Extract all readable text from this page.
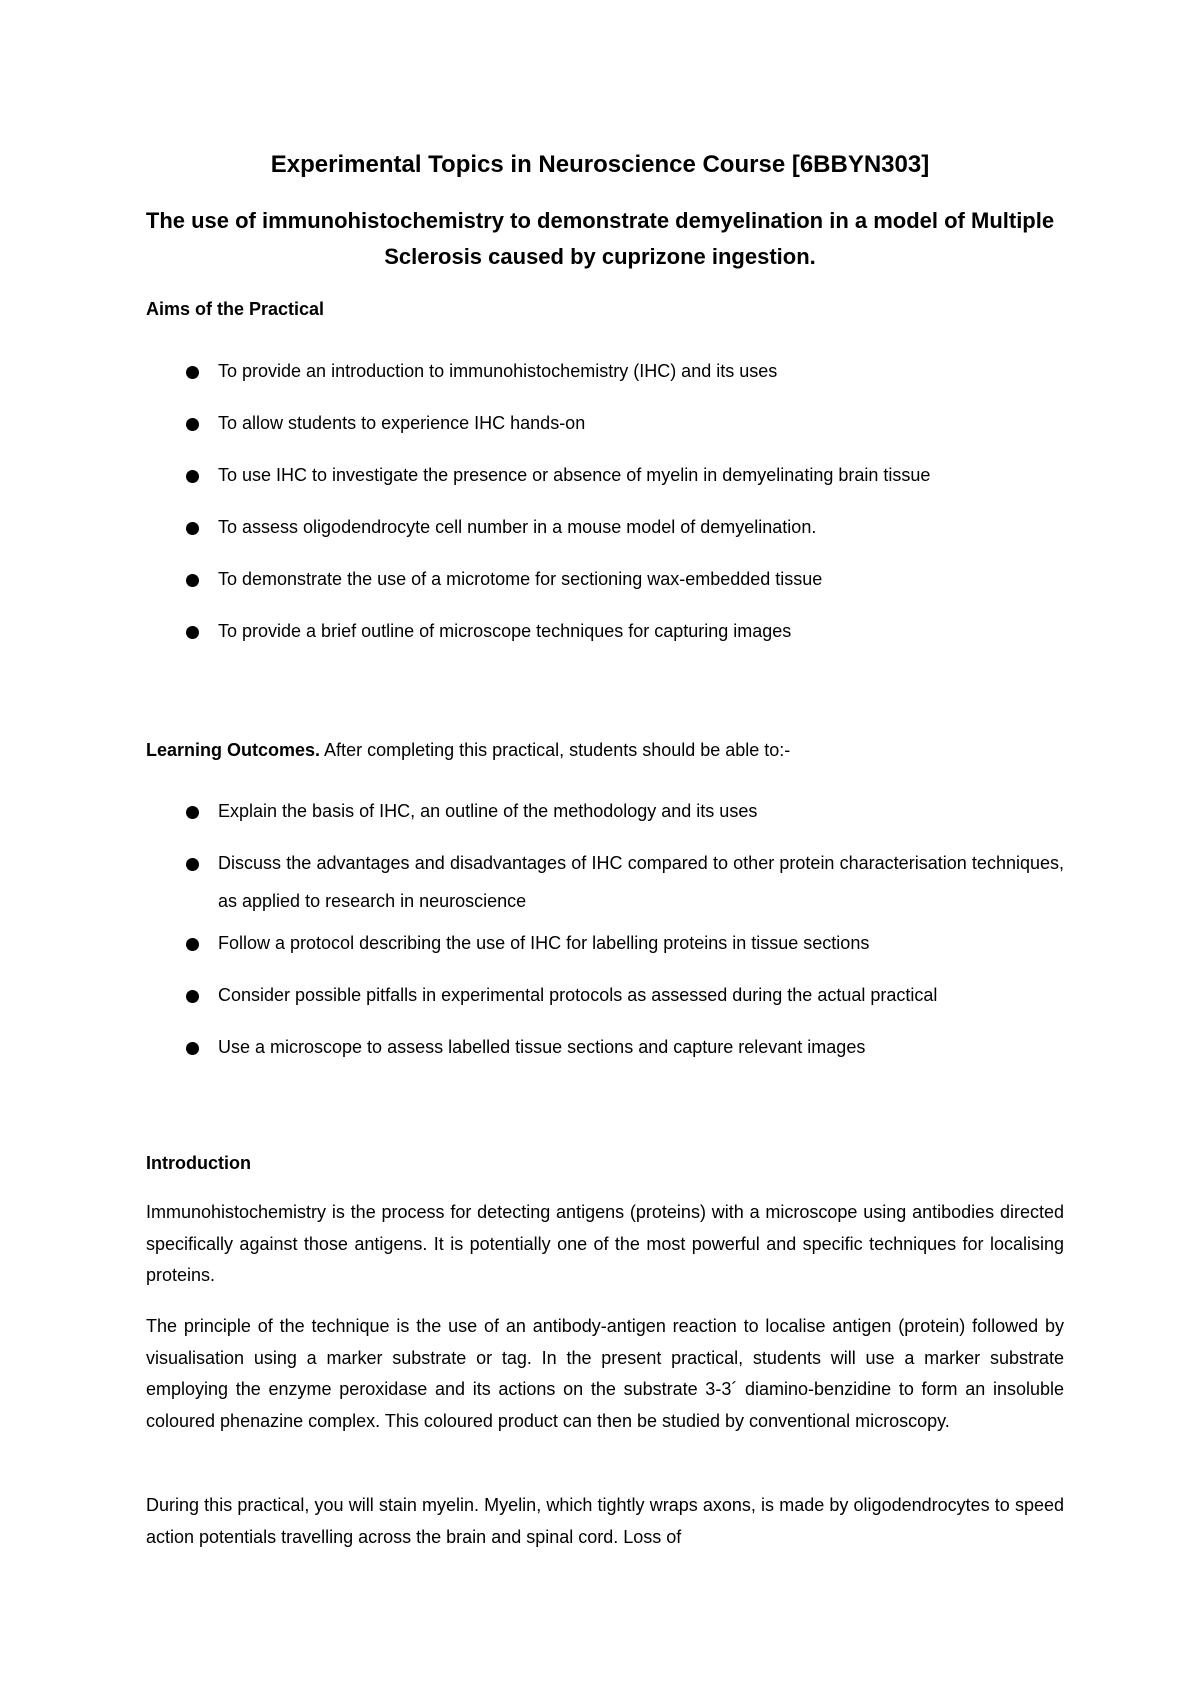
Experimental Topics in Neuroscience Course [6BBYN303]
The use of immunohistochemistry to demonstrate demyelination in a model of Multiple Sclerosis caused by cuprizone ingestion.
Aims of the Practical
To provide an introduction to immunohistochemistry (IHC) and its uses
To allow students to experience IHC hands-on
To use IHC to investigate the presence or absence of myelin in demyelinating brain tissue
To assess oligodendrocyte cell number in a mouse model of demyelination.
To demonstrate the use of a microtome for sectioning wax-embedded tissue
To provide a brief outline of microscope techniques for capturing images
Learning Outcomes. After completing this practical, students should be able to:-
Explain the basis of IHC, an outline of the methodology and its uses
Discuss the advantages and disadvantages of IHC compared to other protein characterisation techniques, as applied to research in neuroscience
Follow a protocol describing the use of IHC for labelling proteins in tissue sections
Consider possible pitfalls in experimental protocols as assessed during the actual practical
Use a microscope to assess labelled tissue sections and capture relevant images
Introduction

Immunohistochemistry is the process for detecting antigens (proteins) with a microscope using antibodies directed specifically against those antigens. It is potentially one of the most powerful and specific techniques for localising proteins.

The principle of the technique is the use of an antibody-antigen reaction to localise antigen (protein) followed by visualisation using a marker substrate or tag. In the present practical, students will use a marker substrate employing the enzyme peroxidase and its actions on the substrate 3-3´ diamino-benzidine to form an insoluble coloured phenazine complex. This coloured product can then be studied by conventional microscopy.

During this practical, you will stain myelin. Myelin, which tightly wraps axons, is made by oligodendrocytes to speed action potentials travelling across the brain and spinal cord. Loss of
